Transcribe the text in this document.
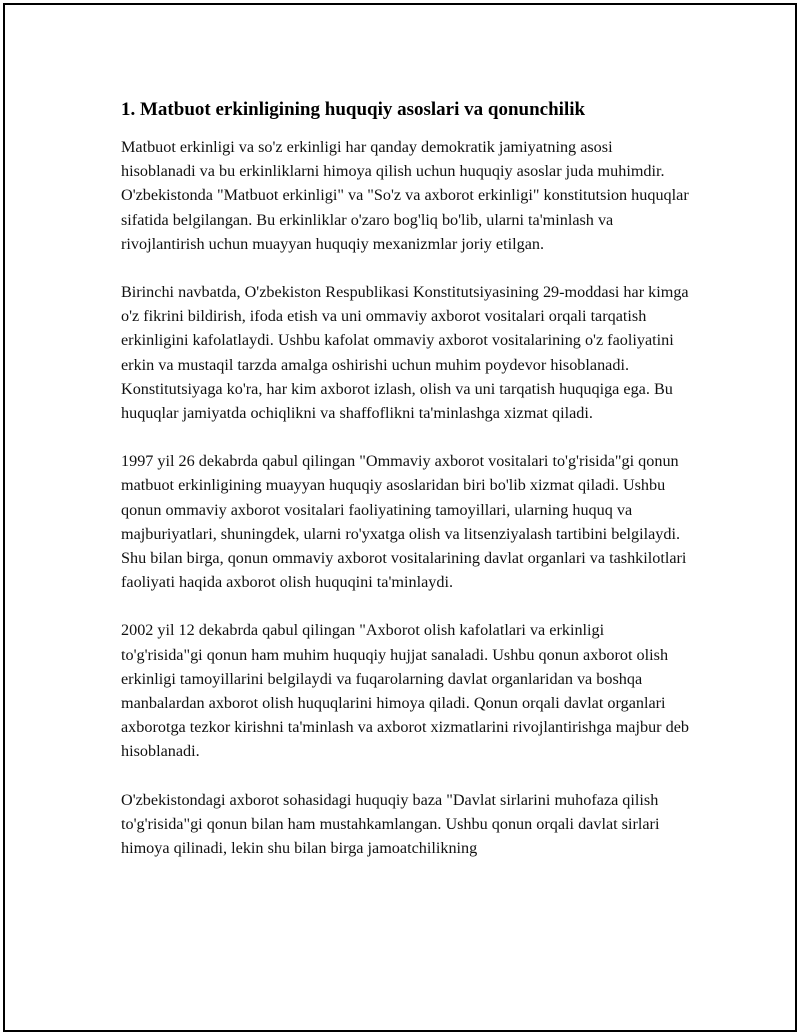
1. Matbuot erkinligining huquqiy asoslari va qonunchilik

Matbuot erkinligi va so'z erkinligi har qanday demokratik jamiyatning asosi hisoblanadi va bu erkinliklarni himoya qilish uchun huquqiy asoslar juda muhimdir. O'zbekistonda "Matbuot erkinligi" va "So'z va axborot erkinligi" konstitutsion huquqlar sifatida belgilangan. Bu erkinliklar o'zaro bog'liq bo'lib, ularni ta'minlash va rivojlantirish uchun muayyan huquqiy mexanizmlar joriy etilgan.

Birinchi navbatda, O'zbekiston Respublikasi Konstitutsiyasining 29-moddasi har kimga o'z fikrini bildirish, ifoda etish va uni ommaviy axborot vositalari orqali tarqatish erkinligini kafolatlaydi. Ushbu kafolat ommaviy axborot vositalarining o'z faoliyatini erkin va mustaqil tarzda amalga oshirishi uchun muhim poydevor hisoblanadi. Konstitutsiyaga ko'ra, har kim axborot izlash, olish va uni tarqatish huquqiga ega. Bu huquqlar jamiyatda ochiqlikni va shaffoflikni ta'minlashga xizmat qiladi.

1997 yil 26 dekabrda qabul qilingan "Ommaviy axborot vositalari to'g'risida"gi qonun matbuot erkinligining muayyan huquqiy asoslaridan biri bo'lib xizmat qiladi. Ushbu qonun ommaviy axborot vositalari faoliyatining tamoyillari, ularning huquq va majburiyatlari, shuningdek, ularni ro'yxatga olish va litsenziyalash tartibini belgilaydi. Shu bilan birga, qonun ommaviy axborot vositalarining davlat organlari va tashkilotlari faoliyati haqida axborot olish huquqini ta'minlaydi.

2002 yil 12 dekabrda qabul qilingan "Axborot olish kafolatlari va erkinligi to'g'risida"gi qonun ham muhim huquqiy hujjat sanaladi. Ushbu qonun axborot olish erkinligi tamoyillarini belgilaydi va fuqarolarning davlat organlaridan va boshqa manbalardan axborot olish huquqlarini himoya qiladi. Qonun orqali davlat organlari axborotga tezkor kirishni ta'minlash va axborot xizmatlarini rivojlantirishga majbur deb hisoblanadi.

O'zbekistondagi axborot sohasidagi huquqiy baza "Davlat sirlarini muhofaza qilish to'g'risida"gi qonun bilan ham mustahkamlangan. Ushbu qonun orqali davlat sirlari himoya qilinadi, lekin shu bilan birga jamoatchilikning
